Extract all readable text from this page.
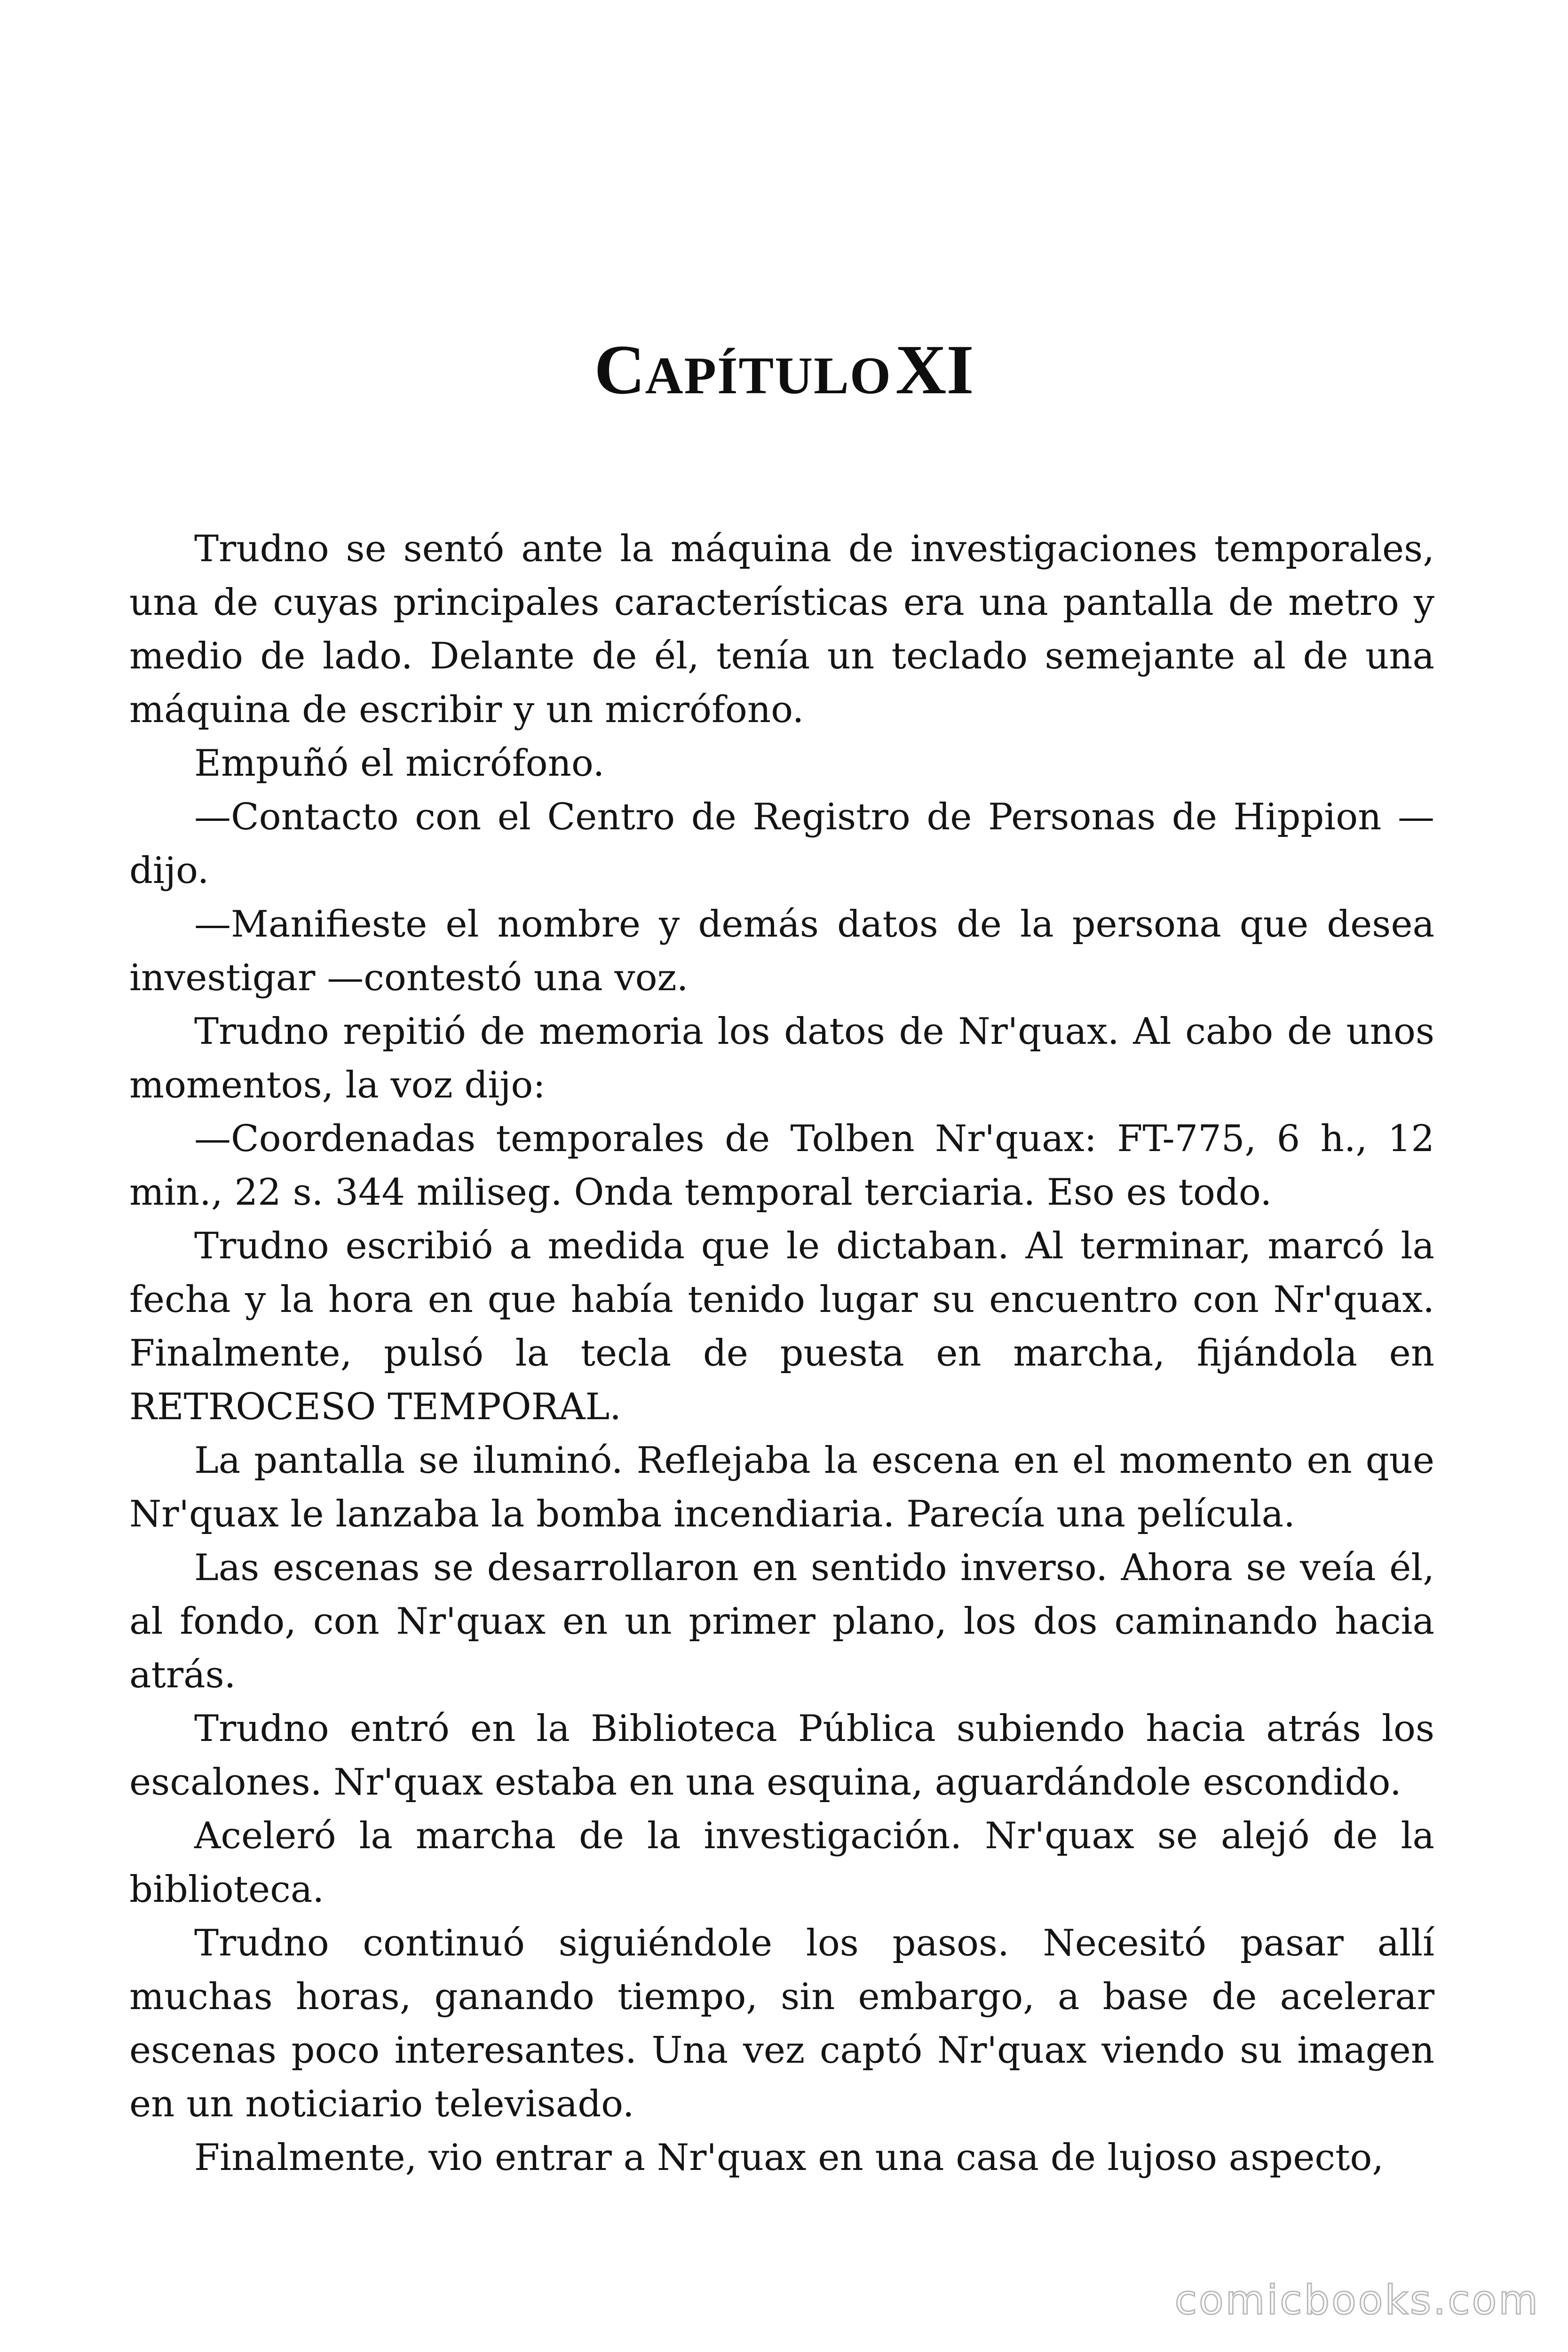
CAPÍTULO XI

Trudno se sentó ante la máquina de investigaciones temporales, una de cuyas principales características era una pantalla de metro y medio de lado. Delante de él, tenía un teclado semejante al de una máquina de escribir y un micrófono.

Empuñó el micrófono.

—Contacto con el Centro de Registro de Personas de Hippion —dijo.

—Manifieste el nombre y demás datos de la persona que desea investigar —contestó una voz.

Trudno repitió de memoria los datos de Nr'quax. Al cabo de unos momentos, la voz dijo:

—Coordenadas temporales de Tolben Nr'quax: FT-775, 6 h., 12 min., 22 s. 344 miliseg. Onda temporal terciaria. Eso es todo.

Trudno escribió a medida que le dictaban. Al terminar, marcó la fecha y la hora en que había tenido lugar su encuentro con Nr'quax. Finalmente, pulsó la tecla de puesta en marcha, fijándola en RETROCESO TEMPORAL.

La pantalla se iluminó. Reflejaba la escena en el momento en que Nr'quax le lanzaba la bomba incendiaria. Parecía una película.

Las escenas se desarrollaron en sentido inverso. Ahora se veía él, al fondo, con Nr'quax en un primer plano, los dos caminando hacia atrás.

Trudno entró en la Biblioteca Pública subiendo hacia atrás los escalones. Nr'quax estaba en una esquina, aguardándole escondido.

Aceleró la marcha de la investigación. Nr'quax se alejó de la biblioteca.

Trudno continuó siguiéndole los pasos. Necesitó pasar allí muchas horas, ganando tiempo, sin embargo, a base de acelerar escenas poco interesantes. Una vez captó Nr'quax viendo su imagen en un noticiario televisado.

Finalmente, vio entrar a Nr'quax en una casa de lujoso aspecto,

comicbooks.com
